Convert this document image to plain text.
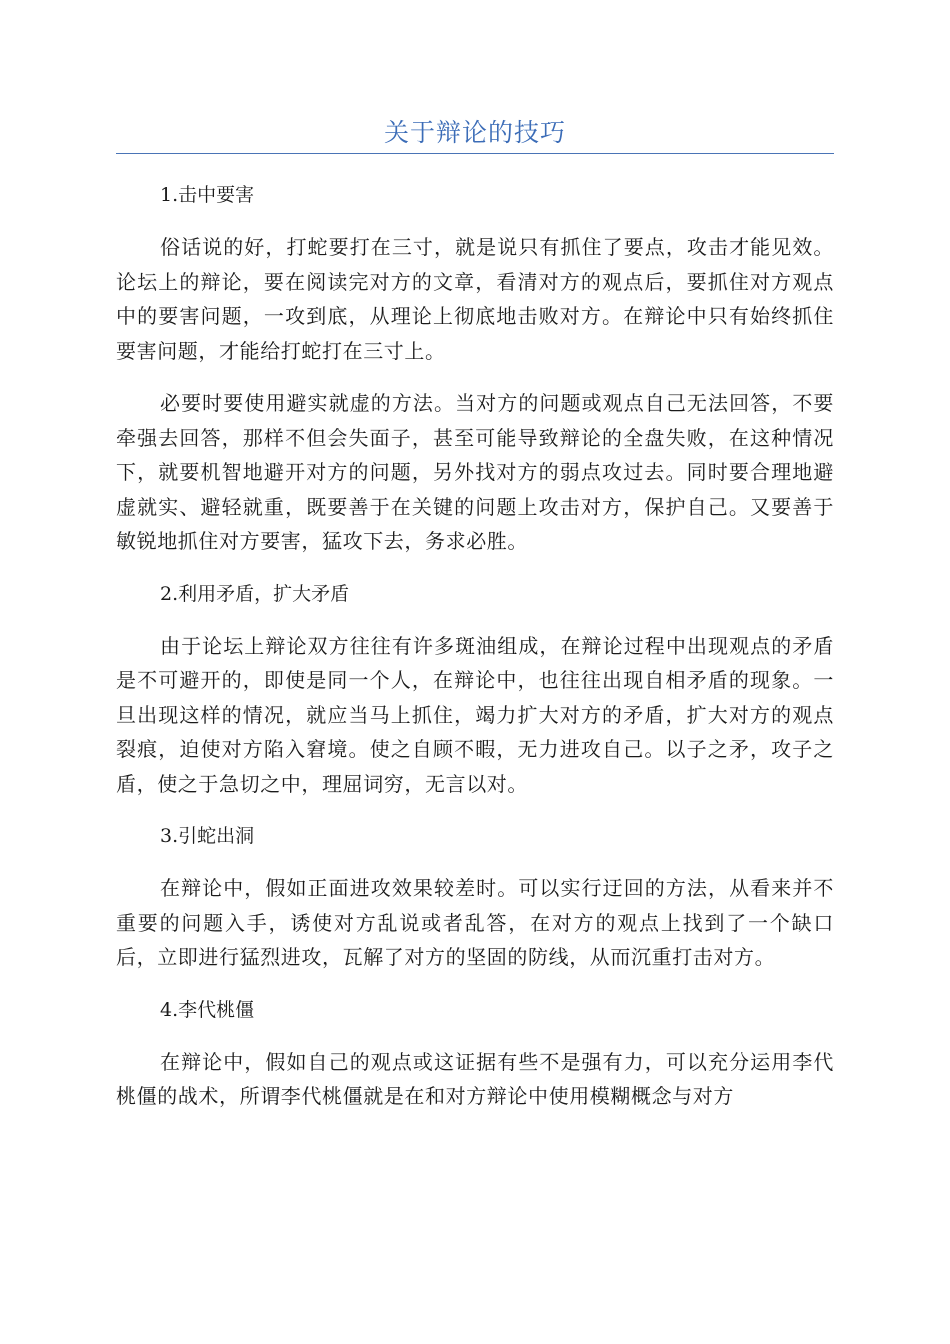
关于辩论的技巧

1.击中要害

俗话说的好，打蛇要打在三寸，就是说只有抓住了要点，攻击才能见效。论坛上的辩论，要在阅读完对方的文章，看清对方的观点后，要抓住对方观点中的要害问题，一攻到底，从理论上彻底地击败对方。在辩论中只有始终抓住要害问题，才能给打蛇打在三寸上。

必要时要使用避实就虚的方法。当对方的问题或观点自己无法回答，不要牵强去回答，那样不但会失面子，甚至可能导致辩论的全盘失败，在这种情况下，就要机智地避开对方的问题，另外找对方的弱点攻过去。同时要合理地避虚就实、避轻就重，既要善于在关键的问题上攻击对方，保护自己。又要善于敏锐地抓住对方要害，猛攻下去，务求必胜。

2.利用矛盾，扩大矛盾

由于论坛上辩论双方往往有许多斑油组成，在辩论过程中出现观点的矛盾是不可避开的，即使是同一个人，在辩论中，也往往出现自相矛盾的现象。一旦出现这样的情况，就应当马上抓住，竭力扩大对方的矛盾，扩大对方的观点裂痕，迫使对方陷入窘境。使之自顾不暇，无力进攻自己。以子之矛，攻子之盾，使之于急切之中，理屈词穷，无言以对。

3.引蛇出洞

在辩论中，假如正面进攻效果较差时。可以实行迂回的方法，从看来并不重要的问题入手，诱使对方乱说或者乱答，在对方的观点上找到了一个缺口后，立即进行猛烈进攻，瓦解了对方的坚固的防线，从而沉重打击对方。

4.李代桃僵

在辩论中，假如自己的观点或这证据有些不是强有力，可以充分运用李代桃僵的战术，所谓李代桃僵就是在和对方辩论中使用模糊概念与对方
